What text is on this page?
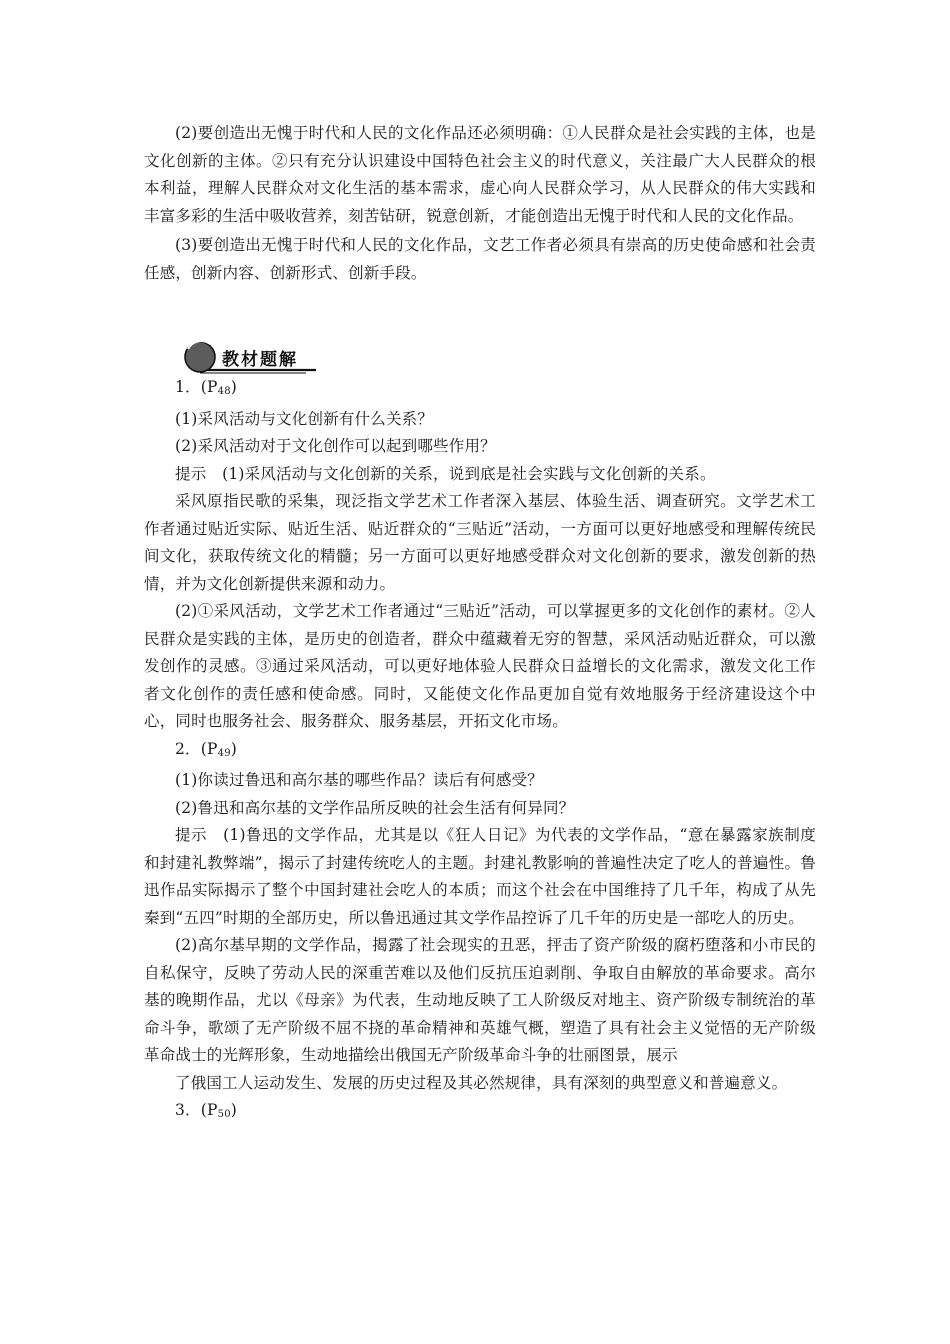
(2)要创造出无愧于时代和人民的文化作品还必须明确：①人民群众是社会实践的主体，也是文化创新的主体。②只有充分认识建设中国特色社会主义的时代意义，关注最广大人民群众的根本利益，理解人民群众对文化生活的基本需求，虚心向人民群众学习，从人民群众的伟大实践和丰富多彩的生活中吸收营养，刻苦钻研，锐意创新，才能创造出无愧于时代和人民的文化作品。

(3)要创造出无愧于时代和人民的文化作品，文艺工作者必须具有崇高的历史使命感和社会责任感，创新内容、创新形式、创新手段。

教材题解

1．$(P_{48})$

(1)采风活动与文化创新有什么关系？

(2)采风活动对于文化创作可以起到哪些作用？

提示　(1)采风活动与文化创新的关系，说到底是社会实践与文化创新的关系。

采风原指民歌的采集，现泛指文学艺术工作者深入基层、体验生活、调查研究。文学艺术工作者通过贴近实际、贴近生活、贴近群众的“三贴近”活动，一方面可以更好地感受和理解传统民间文化，获取传统文化的精髓；另一方面可以更好地感受群众对文化创新的要求，激发创新的热情，并为文化创新提供来源和动力。

(2)①采风活动，文学艺术工作者通过“三贴近”活动，可以掌握更多的文化创作的素材。②人民群众是实践的主体，是历史的创造者，群众中蕴藏着无穷的智慧，采风活动贴近群众，可以激发创作的灵感。③通过采风活动，可以更好地体验人民群众日益增长的文化需求，激发文化工作者文化创作的责任感和使命感。同时，又能使文化作品更加自觉有效地服务于经济建设这个中心，同时也服务社会、服务群众、服务基层，开拓文化市场。

2．$(P_{49})$

(1)你读过鲁迅和高尔基的哪些作品？读后有何感受？

(2)鲁迅和高尔基的文学作品所反映的社会生活有何异同？

提示　(1)鲁迅的文学作品，尤其是以《狂人日记》为代表的文学作品，“意在暴露家族制度和封建礼教弊端”，揭示了封建传统吃人的主题。封建礼教影响的普遍性决定了吃人的普遍性。鲁迅作品实际揭示了整个中国封建社会吃人的本质；而这个社会在中国维持了几千年，构成了从先秦到“五四”时期的全部历史，所以鲁迅通过其文学作品控诉了几千年的历史是一部吃人的历史。

(2)高尔基早期的文学作品，揭露了社会现实的丑恶，抨击了资产阶级的腐朽堕落和小市民的自私保守，反映了劳动人民的深重苦难以及他们反抗压迫剥削、争取自由解放的革命要求。高尔基的晚期作品，尤以《母亲》为代表，生动地反映了工人阶级反对地主、资产阶级专制统治的革命斗争，歌颂了无产阶级不屈不挠的革命精神和英雄气概，塑造了具有社会主义觉悟的无产阶级革命战士的光辉形象，生动地描绘出俄国无产阶级革命斗争的壮丽图景，展示

了俄国工人运动发生、发展的历史过程及其必然规律，具有深刻的典型意义和普遍意义。

3．$(P_{50})$
